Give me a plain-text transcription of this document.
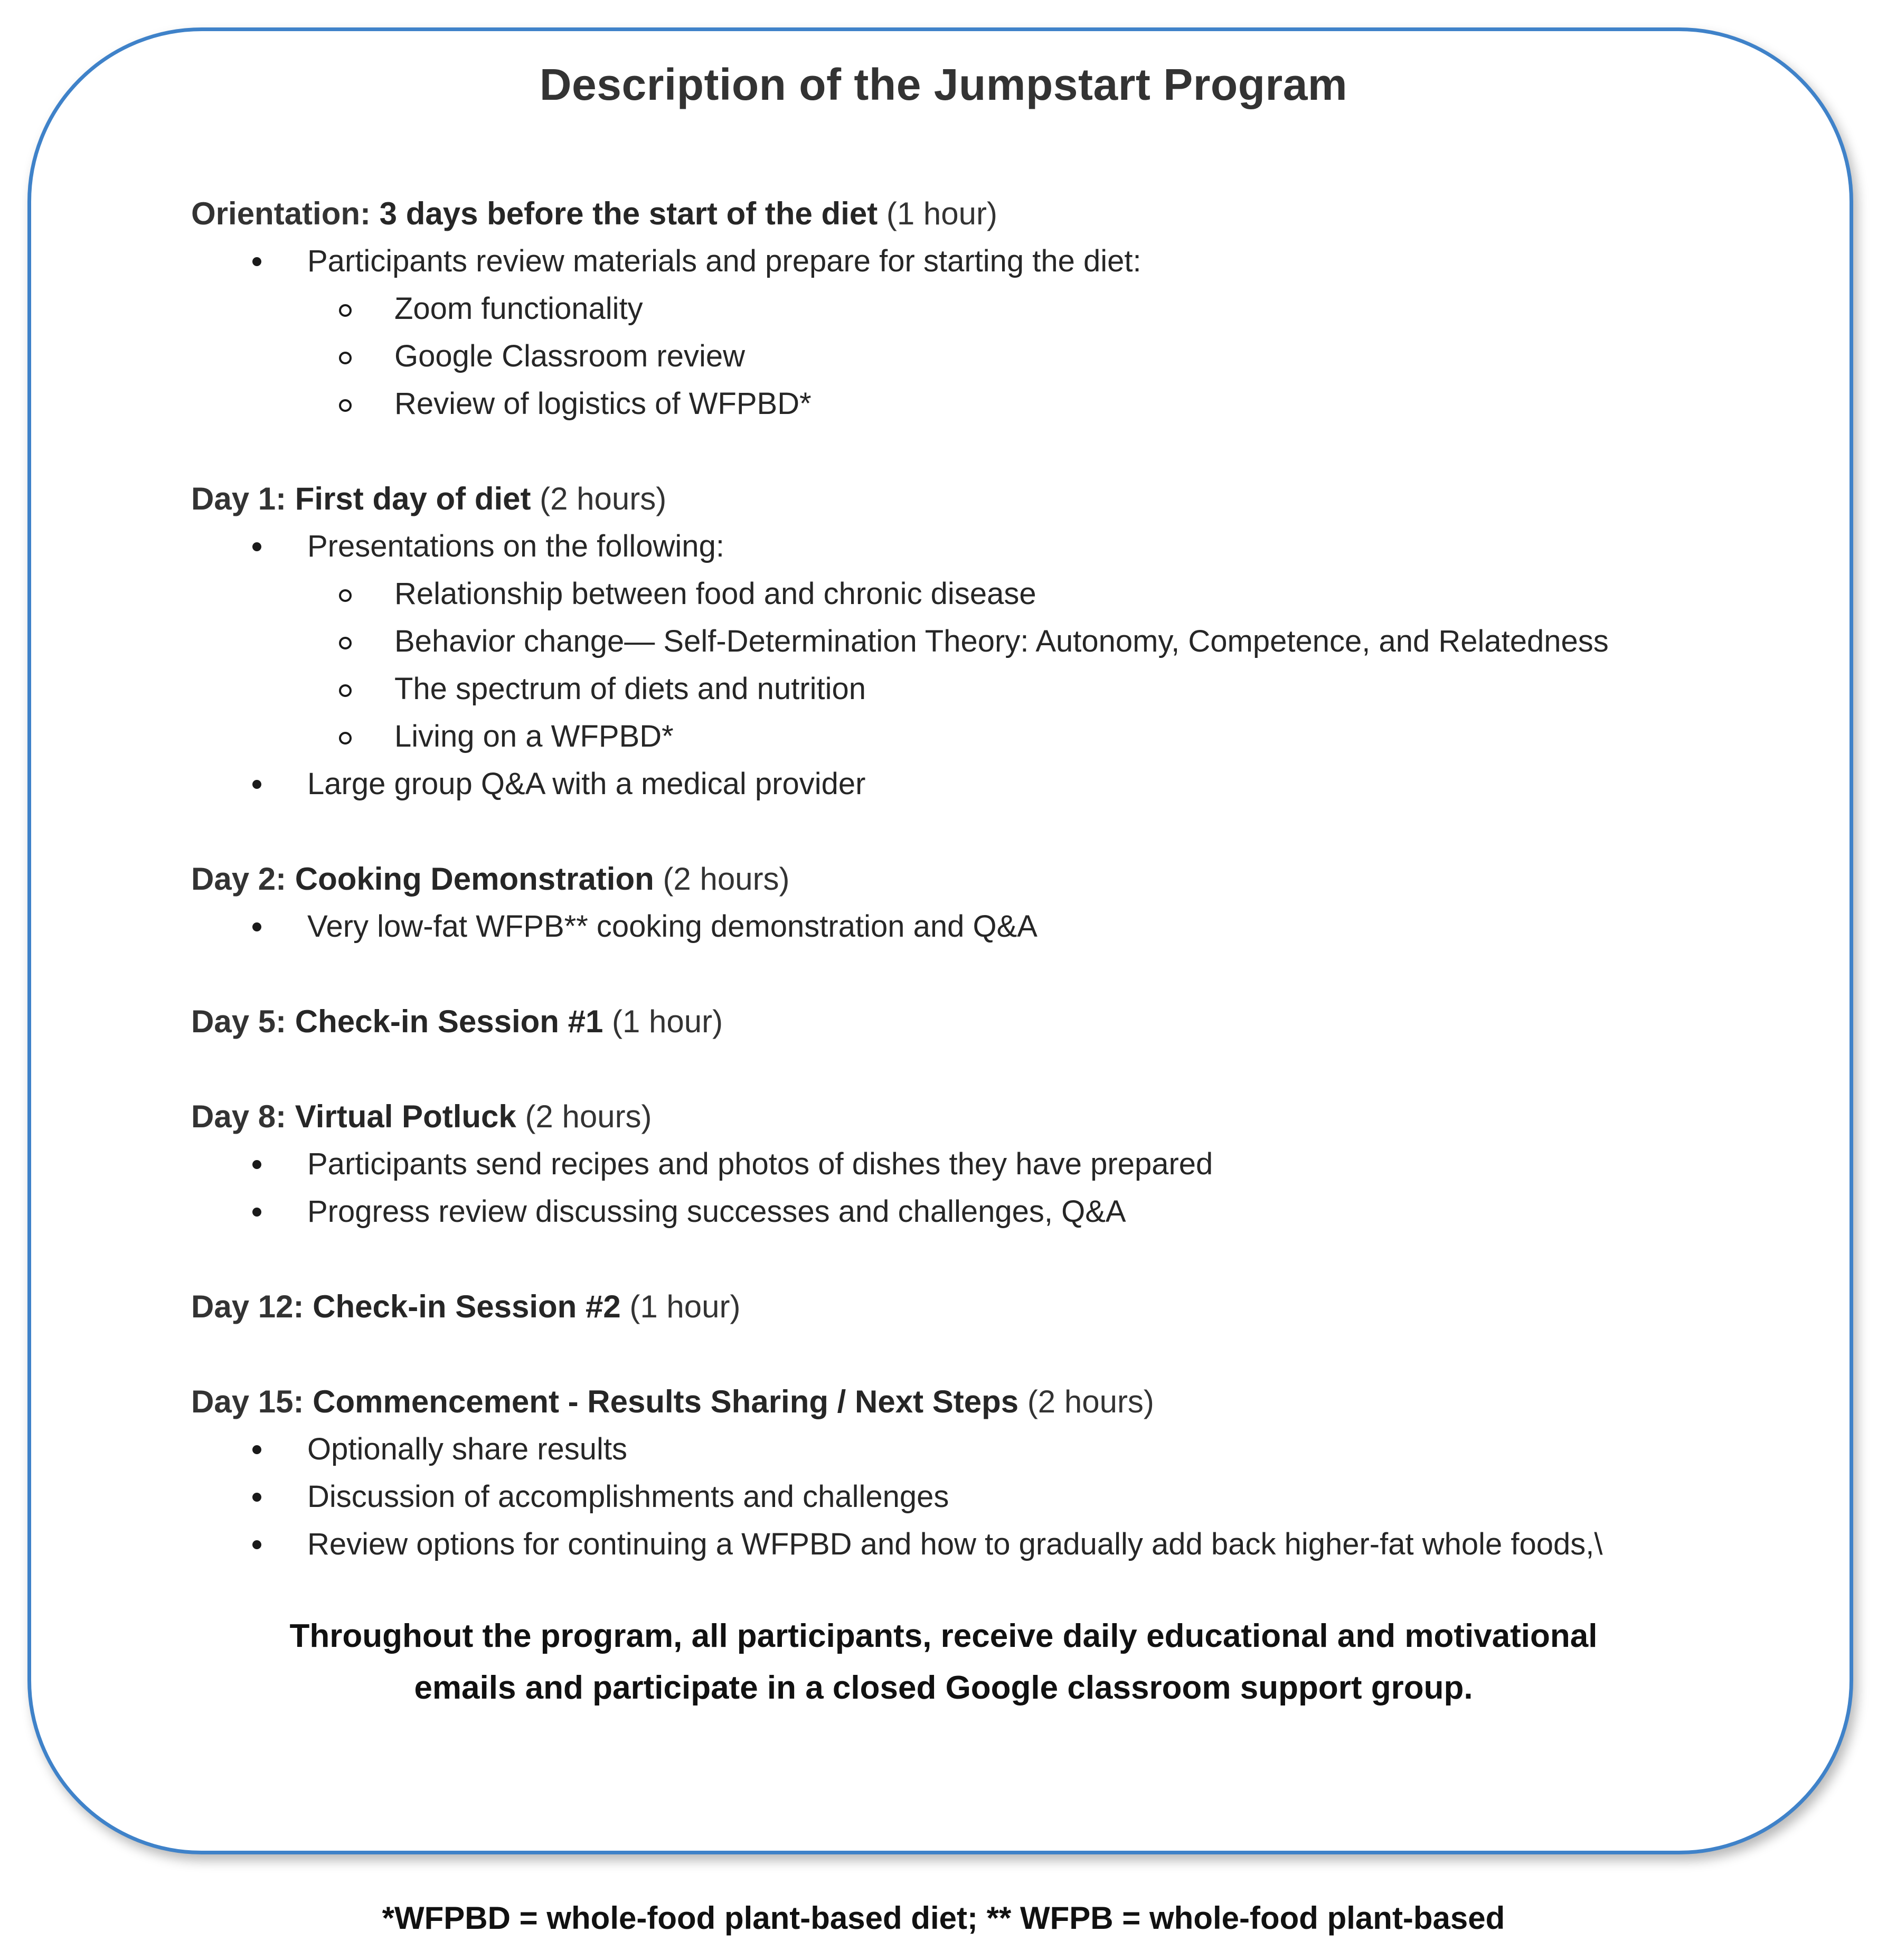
Description of the Jumpstart Program
Orientation: 3 days before the start of the diet (1 hour)
Participants review materials and prepare for starting the diet:
Zoom functionality
Google Classroom review
Review of logistics of WFPBD*
Day 1: First day of diet (2 hours)
Presentations on the following:
Relationship between food and chronic disease
Behavior change— Self-Determination Theory: Autonomy, Competence, and Relatedness
The spectrum of diets and nutrition
Living on a WFPBD*
Large group Q&A with a medical provider
Day 2: Cooking Demonstration (2 hours)
Very low-fat WFPB** cooking demonstration and Q&A
Day 5: Check-in Session #1 (1 hour)
Day 8: Virtual Potluck (2 hours)
Participants send recipes and photos of dishes they have prepared
Progress review discussing successes and challenges, Q&A
Day 12: Check-in Session #2 (1 hour)
Day 15: Commencement - Results Sharing / Next Steps (2 hours)
Optionally share results
Discussion of accomplishments and challenges
Review options for continuing a WFPBD and how to gradually add back higher-fat whole foods,\
Throughout the program, all participants, receive daily educational and motivational
emails and participate in a closed Google classroom support group.
*WFPBD = whole-food plant-based diet; ** WFPB = whole-food plant-based
